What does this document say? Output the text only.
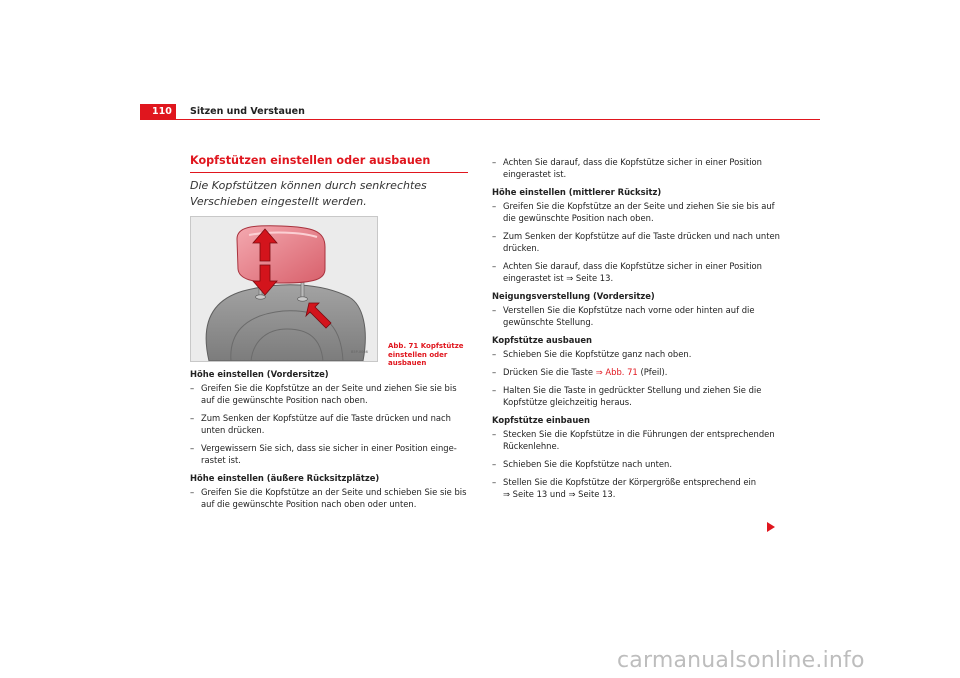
110	Sitzen und Verstauen
Kopfstützen einstellen oder ausbauen

Die Kopfstützen können durch senkrechtes Verschieben eingestellt werden.

B5P-0066
Abb. 71 Kopfstütze einstellen oder ausbauen

Höhe einstellen (Vordersitze)

– Greifen Sie die Kopfstütze an der Seite und ziehen Sie sie bis auf die gewünschte Position nach oben.
– Zum Senken der Kopfstütze auf die Taste drücken und nach unten drücken.
– Vergewissern Sie sich, dass sie sicher in einer Position einge-rastet ist.

Höhe einstellen (äußere Rücksitzplätze)

– Greifen Sie die Kopfstütze an der Seite und schieben Sie sie bis auf die gewünschte Position nach oben oder unten.
– Achten Sie darauf, dass die Kopfstütze sicher in einer Position eingerastet ist.

Höhe einstellen (mittlerer Rücksitz)

– Greifen Sie die Kopfstütze an der Seite und ziehen Sie sie bis auf die gewünschte Position nach oben.
– Zum Senken der Kopfstütze auf die Taste drücken und nach unten drücken.
– Achten Sie darauf, dass die Kopfstütze sicher in einer Position eingerastet ist ⇒ Seite 13.

Neigungsverstellung (Vordersitze)

– Verstellen Sie die Kopfstütze nach vorne oder hinten auf die gewünschte Stellung.

Kopfstütze ausbauen

– Schieben Sie die Kopfstütze ganz nach oben.
– Drücken Sie die Taste ⇒ Abb. 71 (Pfeil).
– Halten Sie die Taste in gedrückter Stellung und ziehen Sie die Kopfstütze gleichzeitig heraus.

Kopfstütze einbauen

– Stecken Sie die Kopfstütze in die Führungen der entsprechenden Rückenlehne.
– Schieben Sie die Kopfstütze nach unten.
– Stellen Sie die Kopfstütze der Körpergröße entsprechend ein
⇒ Seite 13 und ⇒ Seite 13.
carmanualsonline.info
